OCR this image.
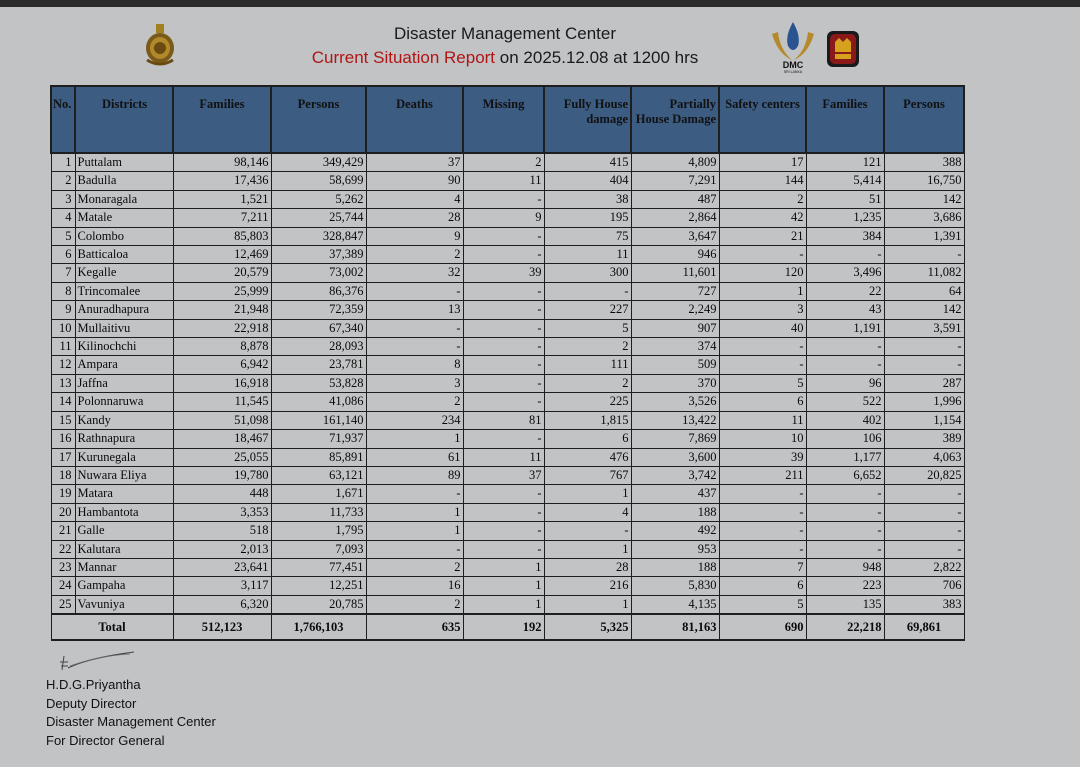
DMC
SRI LANKA
Disaster Management Center
Current Situation Report on 2025.12.08 at 1200 hrs
No.	Districts	Families	Persons	Deaths	Missing	Fully House damage	Partially House Damage	Safety centers	Families	Persons
1	Puttalam	98,146	349,429	37	2	415	4,809	17	121	388
2	Badulla	17,436	58,699	90	11	404	7,291	144	5,414	16,750
3	Monaragala	1,521	5,262	4	-	38	487	2	51	142
4	Matale	7,211	25,744	28	9	195	2,864	42	1,235	3,686
5	Colombo	85,803	328,847	9	-	75	3,647	21	384	1,391
6	Batticaloa	12,469	37,389	2	-	11	946	-	-	-
7	Kegalle	20,579	73,002	32	39	300	11,601	120	3,496	11,082
8	Trincomalee	25,999	86,376	-	-	-	727	1	22	64
9	Anuradhapura	21,948	72,359	13	-	227	2,249	3	43	142
10	Mullaitivu	22,918	67,340	-	-	5	907	40	1,191	3,591
11	Kilinochchi	8,878	28,093	-	-	2	374	-	-	-
12	Ampara	6,942	23,781	8	-	111	509	-	-	-
13	Jaffna	16,918	53,828	3	-	2	370	5	96	287
14	Polonnaruwa	11,545	41,086	2	-	225	3,526	6	522	1,996
15	Kandy	51,098	161,140	234	81	1,815	13,422	11	402	1,154
16	Rathnapura	18,467	71,937	1	-	6	7,869	10	106	389
17	Kurunegala	25,055	85,891	61	11	476	3,600	39	1,177	4,063
18	Nuwara Eliya	19,780	63,121	89	37	767	3,742	211	6,652	20,825
19	Matara	448	1,671	-	-	1	437	-	-	-
20	Hambantota	3,353	11,733	1	-	4	188	-	-	-
21	Galle	518	1,795	1	-	-	492	-	-	-
22	Kalutara	2,013	7,093	-	-	1	953	-	-	-
23	Mannar	23,641	77,451	2	1	28	188	7	948	2,822
24	Gampaha	3,117	12,251	16	1	216	5,830	6	223	706
25	Vavuniya	6,320	20,785	2	1	1	4,135	5	135	383
Total		512,123	1,766,103	635	192	5,325	81,163	690	22,218	69,861
H.D.G.Priyantha
Deputy Director
Disaster Management Center
For Director General
